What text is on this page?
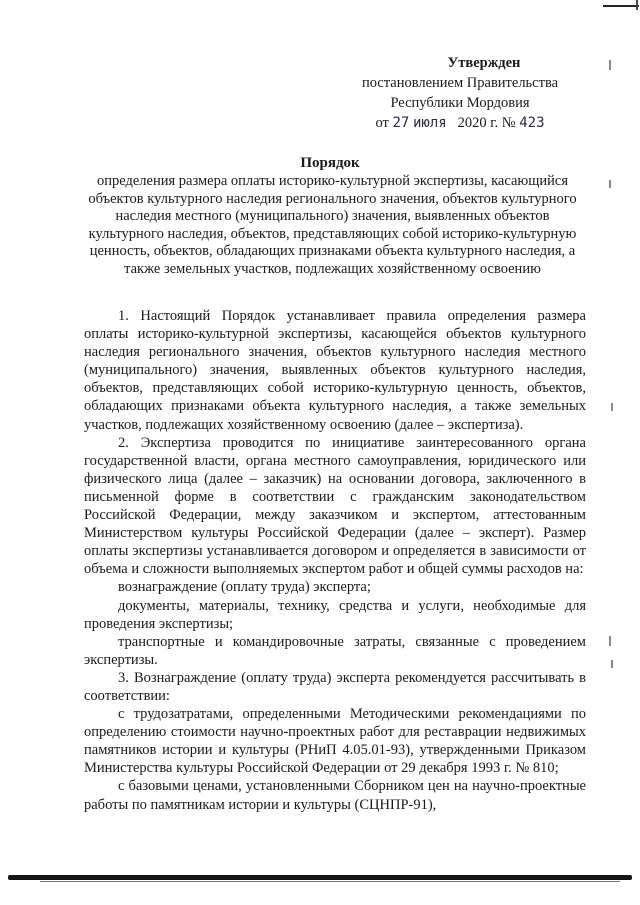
Утвержден
постановлением Правительства
Республики Мордовия
от 27 июля 2020 г. № 423
Порядок
определения размера оплаты историко-культурной экспертизы, касающийся объектов культурного наследия регионального значения, объектов культурного наследия местного (муниципального) значения, выявленных объектов культурного наследия, объектов, представляющих собой историко-культурную ценность, объектов, обладающих признаками объекта культурного наследия, а также земельных участков, подлежащих хозяйственному освоению

1. Настоящий Порядок устанавливает правила определения размера оплаты историко-культурной экспертизы, касающейся объектов культурного наследия регионального значения, объектов культурного наследия местного (муниципального) значения, выявленных объектов культурного наследия, объектов, представляющих собой историко-культурную ценность, объектов, обладающих признаками объекта культурного наследия, а также земельных участков, подлежащих хозяйственному освоению (далее – экспертиза).

2. Экспертиза проводится по инициативе заинтересованного органа государственной власти, органа местного самоуправления, юридического или физического лица (далее – заказчик) на основании договора, заключенного в письменной форме в соответствии с гражданским законодательством Российской Федерации, между заказчиком и экспертом, аттестованным Министерством культуры Российской Федерации (далее – эксперт). Размер оплаты экспертизы устанавливается договором и определяется в зависимости от объема и сложности выполняемых экспертом работ и общей суммы расходов на:

вознаграждение (оплату труда) эксперта;

документы, материалы, технику, средства и услуги, необходимые для проведения экспертизы;

транспортные и командировочные затраты, связанные с проведением экспертизы.

3. Вознаграждение (оплату труда) эксперта рекомендуется рассчитывать в соответствии:

с трудозатратами, определенными Методическими рекомендациями по определению стоимости научно-проектных работ для реставрации недвижимых памятников истории и культуры (РНиП 4.05.01-93), утвержденными Приказом Министерства культуры Российской Федерации от 29 декабря 1993 г. № 810;

с базовыми ценами, установленными Сборником цен на научно-проектные работы по памятникам истории и культуры (СЦНПР-91),
